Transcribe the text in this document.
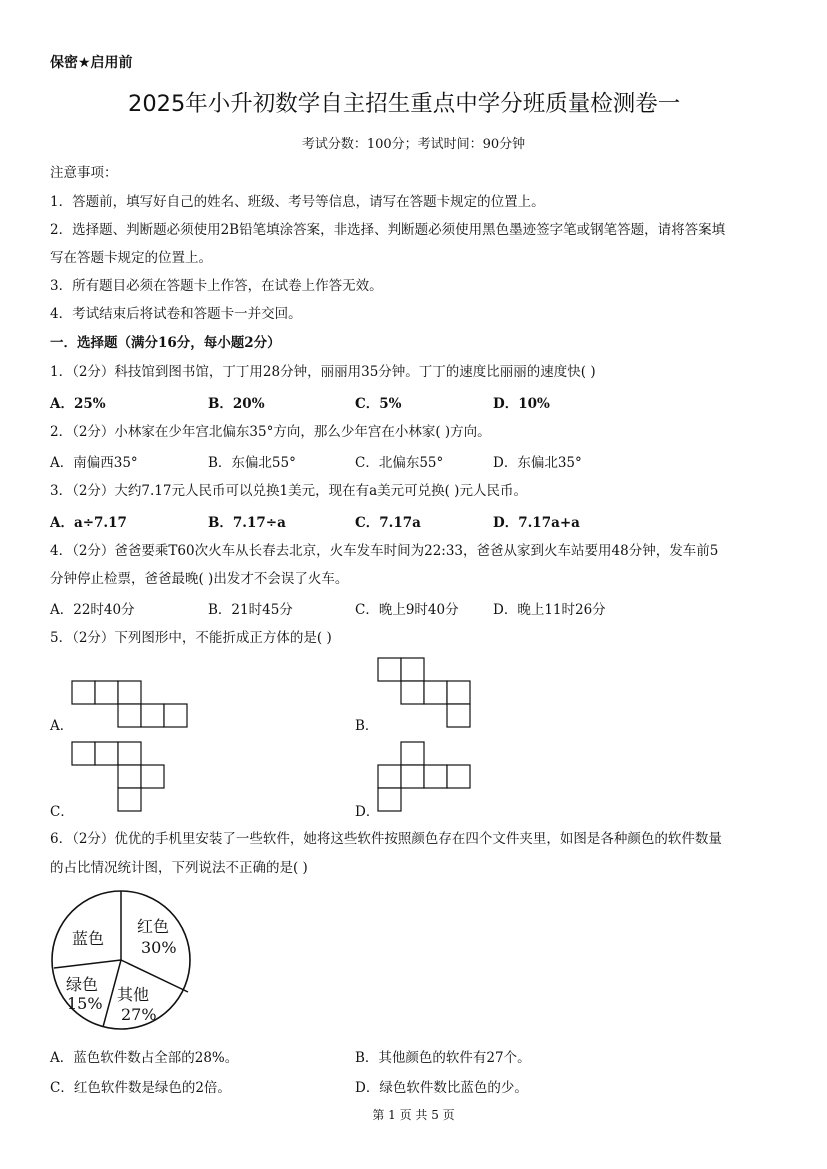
保密★启用前
2025年小升初数学自主招生重点中学分班质量检测卷一
考试分数：100分；考试时间：90分钟
注意事项：
1．答题前，填写好自己的姓名、班级、考号等信息，请写在答题卡规定的位置上。
2．选择题、判断题必须使用2B铅笔填涂答案，非选择、判断题必须使用黑色墨迹签字笔或钢笔答题，请将答案填
写在答题卡规定的位置上。
3．所有题目必须在答题卡上作答，在试卷上作答无效。
4．考试结束后将试卷和答题卡一并交回。
一．选择题（满分16分，每小题2分）
1．（2分）科技馆到图书馆，丁丁用28分钟，丽丽用35分钟。丁丁的速度比丽丽的速度快( )
A．25%	B．20%	C．5%	D．10%
2．（2分）小林家在少年宫北偏东35°方向，那么少年宫在小林家( )方向。
A．南偏西35°	B．东偏北55°	C．北偏东55°	D．东偏北35°
3．（2分）大约7.17元人民币可以兑换1美元，现在有a美元可兑换( )元人民币。
A．a÷7.17	B．7.17÷a	C．7.17a	D．7.17a+a
4．（2分）爸爸要乘T60次火车从长春去北京，火车发车时间为22:33，爸爸从家到火车站要用48分钟，发车前5
分钟停止检票，爸爸最晚( )出发才不会误了火车。
A．22时40分	B．21时45分	C．晚上9时40分	D．晚上11时26分
5．（2分）下列图形中，不能折成正方体的是( )
A．	B．
C．	D．
6．（2分）优优的手机里安装了一些软件，她将这些软件按照颜色存在四个文件夹里，如图是各种颜色的软件数量
的占比情况统计图，下列说法不正确的是( )
蓝色
红色
30%
绿色
15% 其他
27%
A．蓝色软件数占全部的28%。	B．其他颜色的软件有27个。
C．红色软件数是绿色的2倍。	D．绿色软件数比蓝色的少。
第 1 页 共 5 页
